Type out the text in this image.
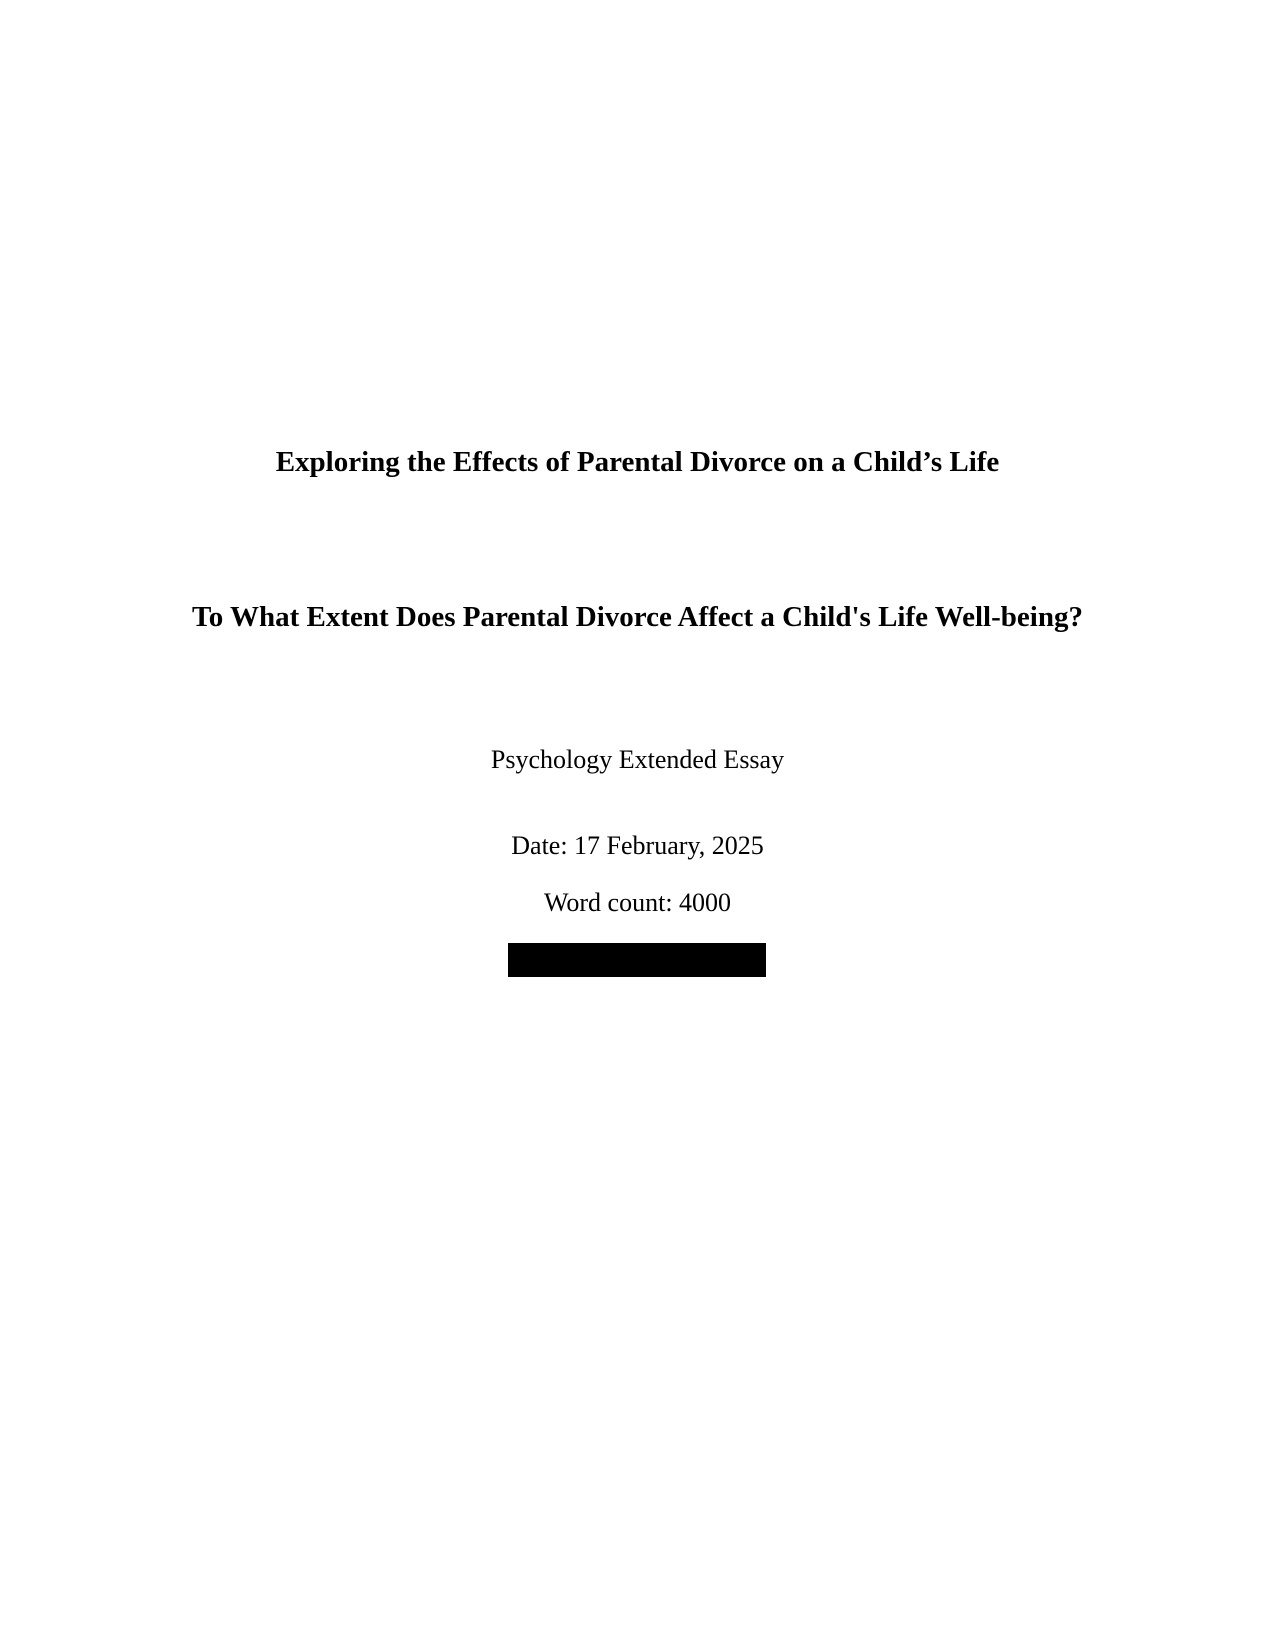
Exploring the Effects of Parental Divorce on a Child’s Life
To What Extent Does Parental Divorce Affect a Child's Life Well-being?

Psychology Extended Essay

Date: 17 February, 2025

Word count: 4000
